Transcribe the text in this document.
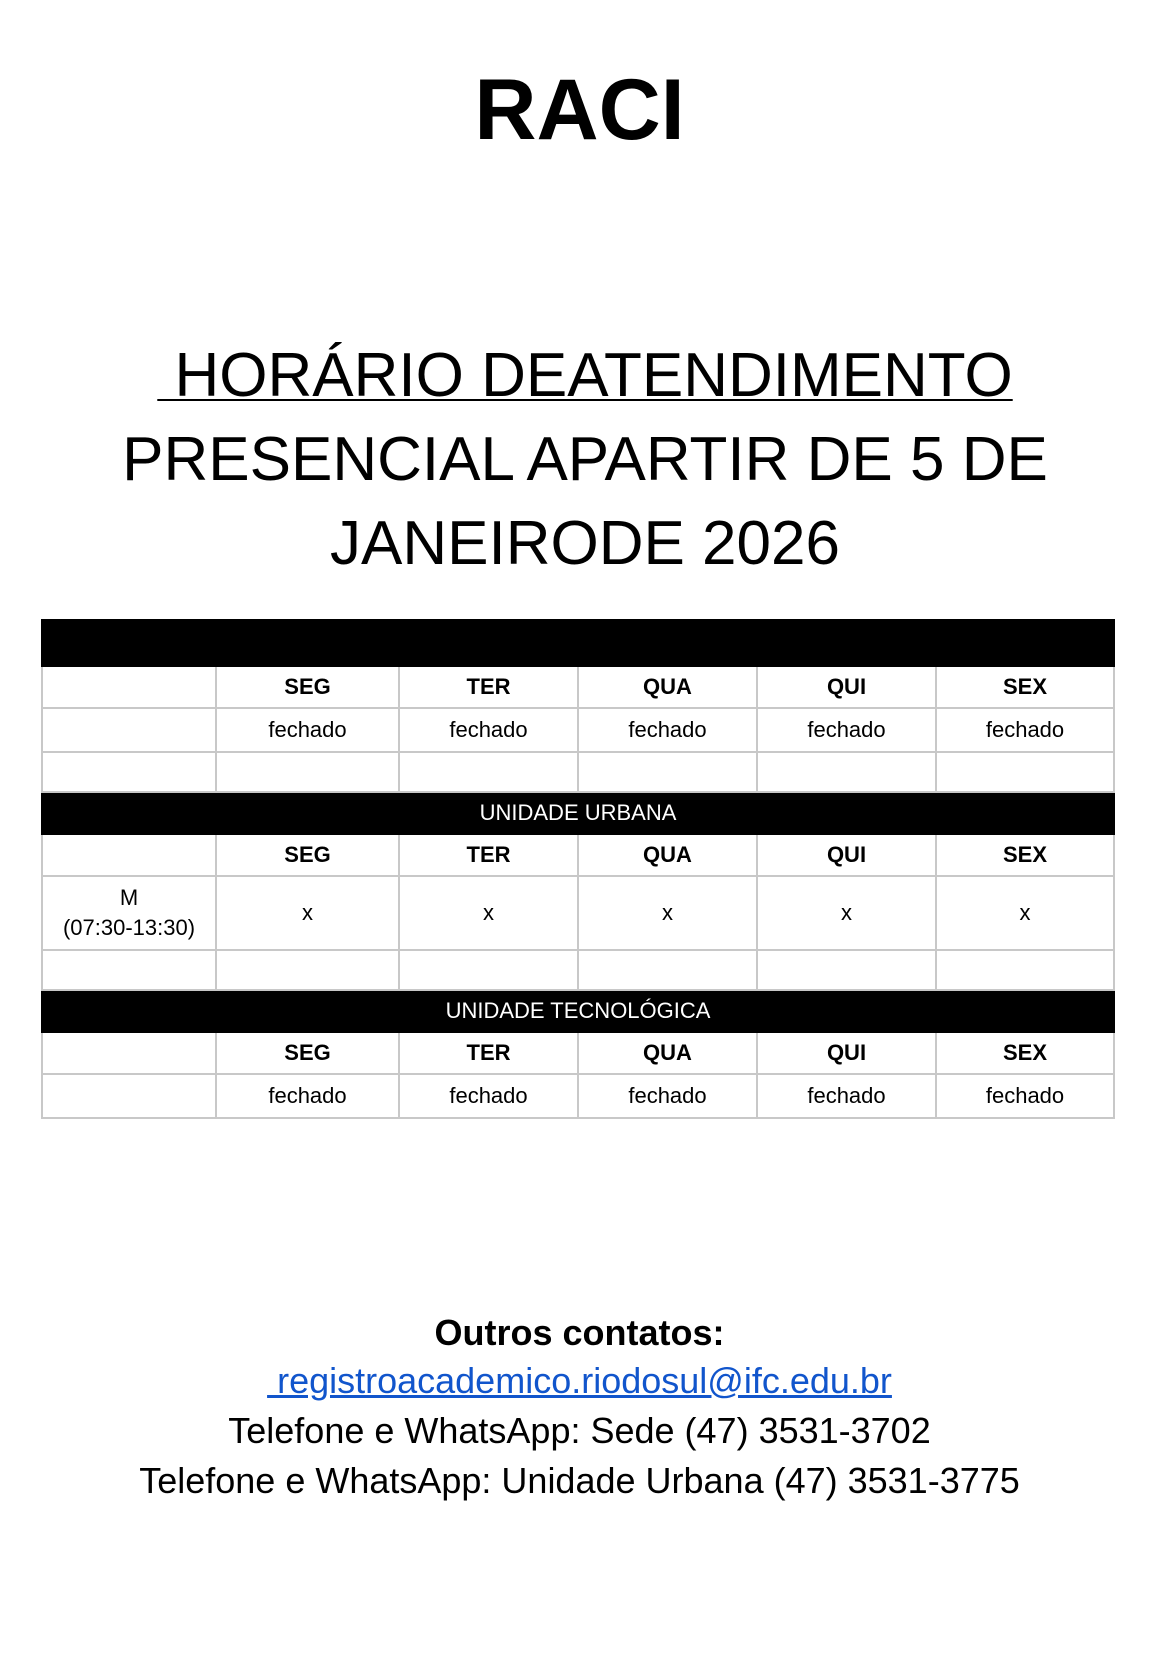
RACI
HORÁRIO DEATENDIMENTO
PRESENCIAL APARTIR DE 5 DE
JANEIRODE 2026

	SEG	TER	QUA	QUI	SEX
	fechado	fechado	fechado	fechado	fechado

UNIDADE URBANA					
	SEG	TER	QUA	QUI	SEX

M
(07:30-13:30)	x	x	x	x	x

UNIDADE TECNOLÓGICA					
	SEG	TER	QUA	QUI	SEX
	fechado	fechado	fechado	fechado	fechado

Outros contatos:

registroacademico.riodosul@ifc.edu.br

Telefone e WhatsApp: Sede (47) 3531-3702

Telefone e WhatsApp: Unidade Urbana (47) 3531-3775
